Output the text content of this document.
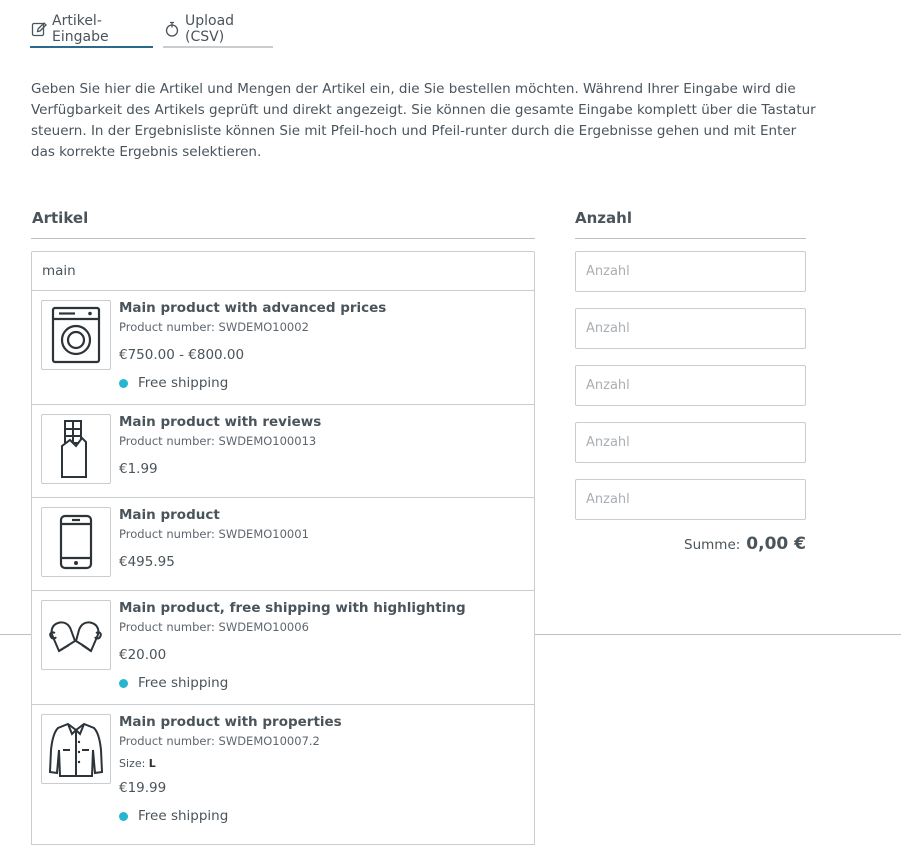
Artikel-Eingabe
Upload (CSV)

Geben Sie hier die Artikel und Mengen der Artikel ein, die Sie bestellen möchten. Während Ihrer Eingabe wird die Verfügbarkeit des Artikels geprüft und direkt angezeigt. Sie können die gesamte Eingabe komplett über die Tastatur steuern. In der Ergebnisliste können Sie mit Pfeil-hoch und Pfeil-runter durch die Ergebnisse gehen und mit Enter das korrekte Ergebnis selektieren.

Artikel	Anzahl
main
Anzahl
Anzahl
Anzahl
Anzahl
Anzahl
Summe: 0,00 €
Main product with advanced prices
Product number: SWDEMO10002
€750.00 - €800.00
Free shipping
Main product with reviews
Product number: SWDEMO100013
€1.99
Main product
Product number: SWDEMO10001
€495.95
Main product, free shipping with highlighting
Product number: SWDEMO10006
€20.00
Free shipping
Main product with properties
Product number: SWDEMO10007.2
Size: L
€19.99
Free shipping
